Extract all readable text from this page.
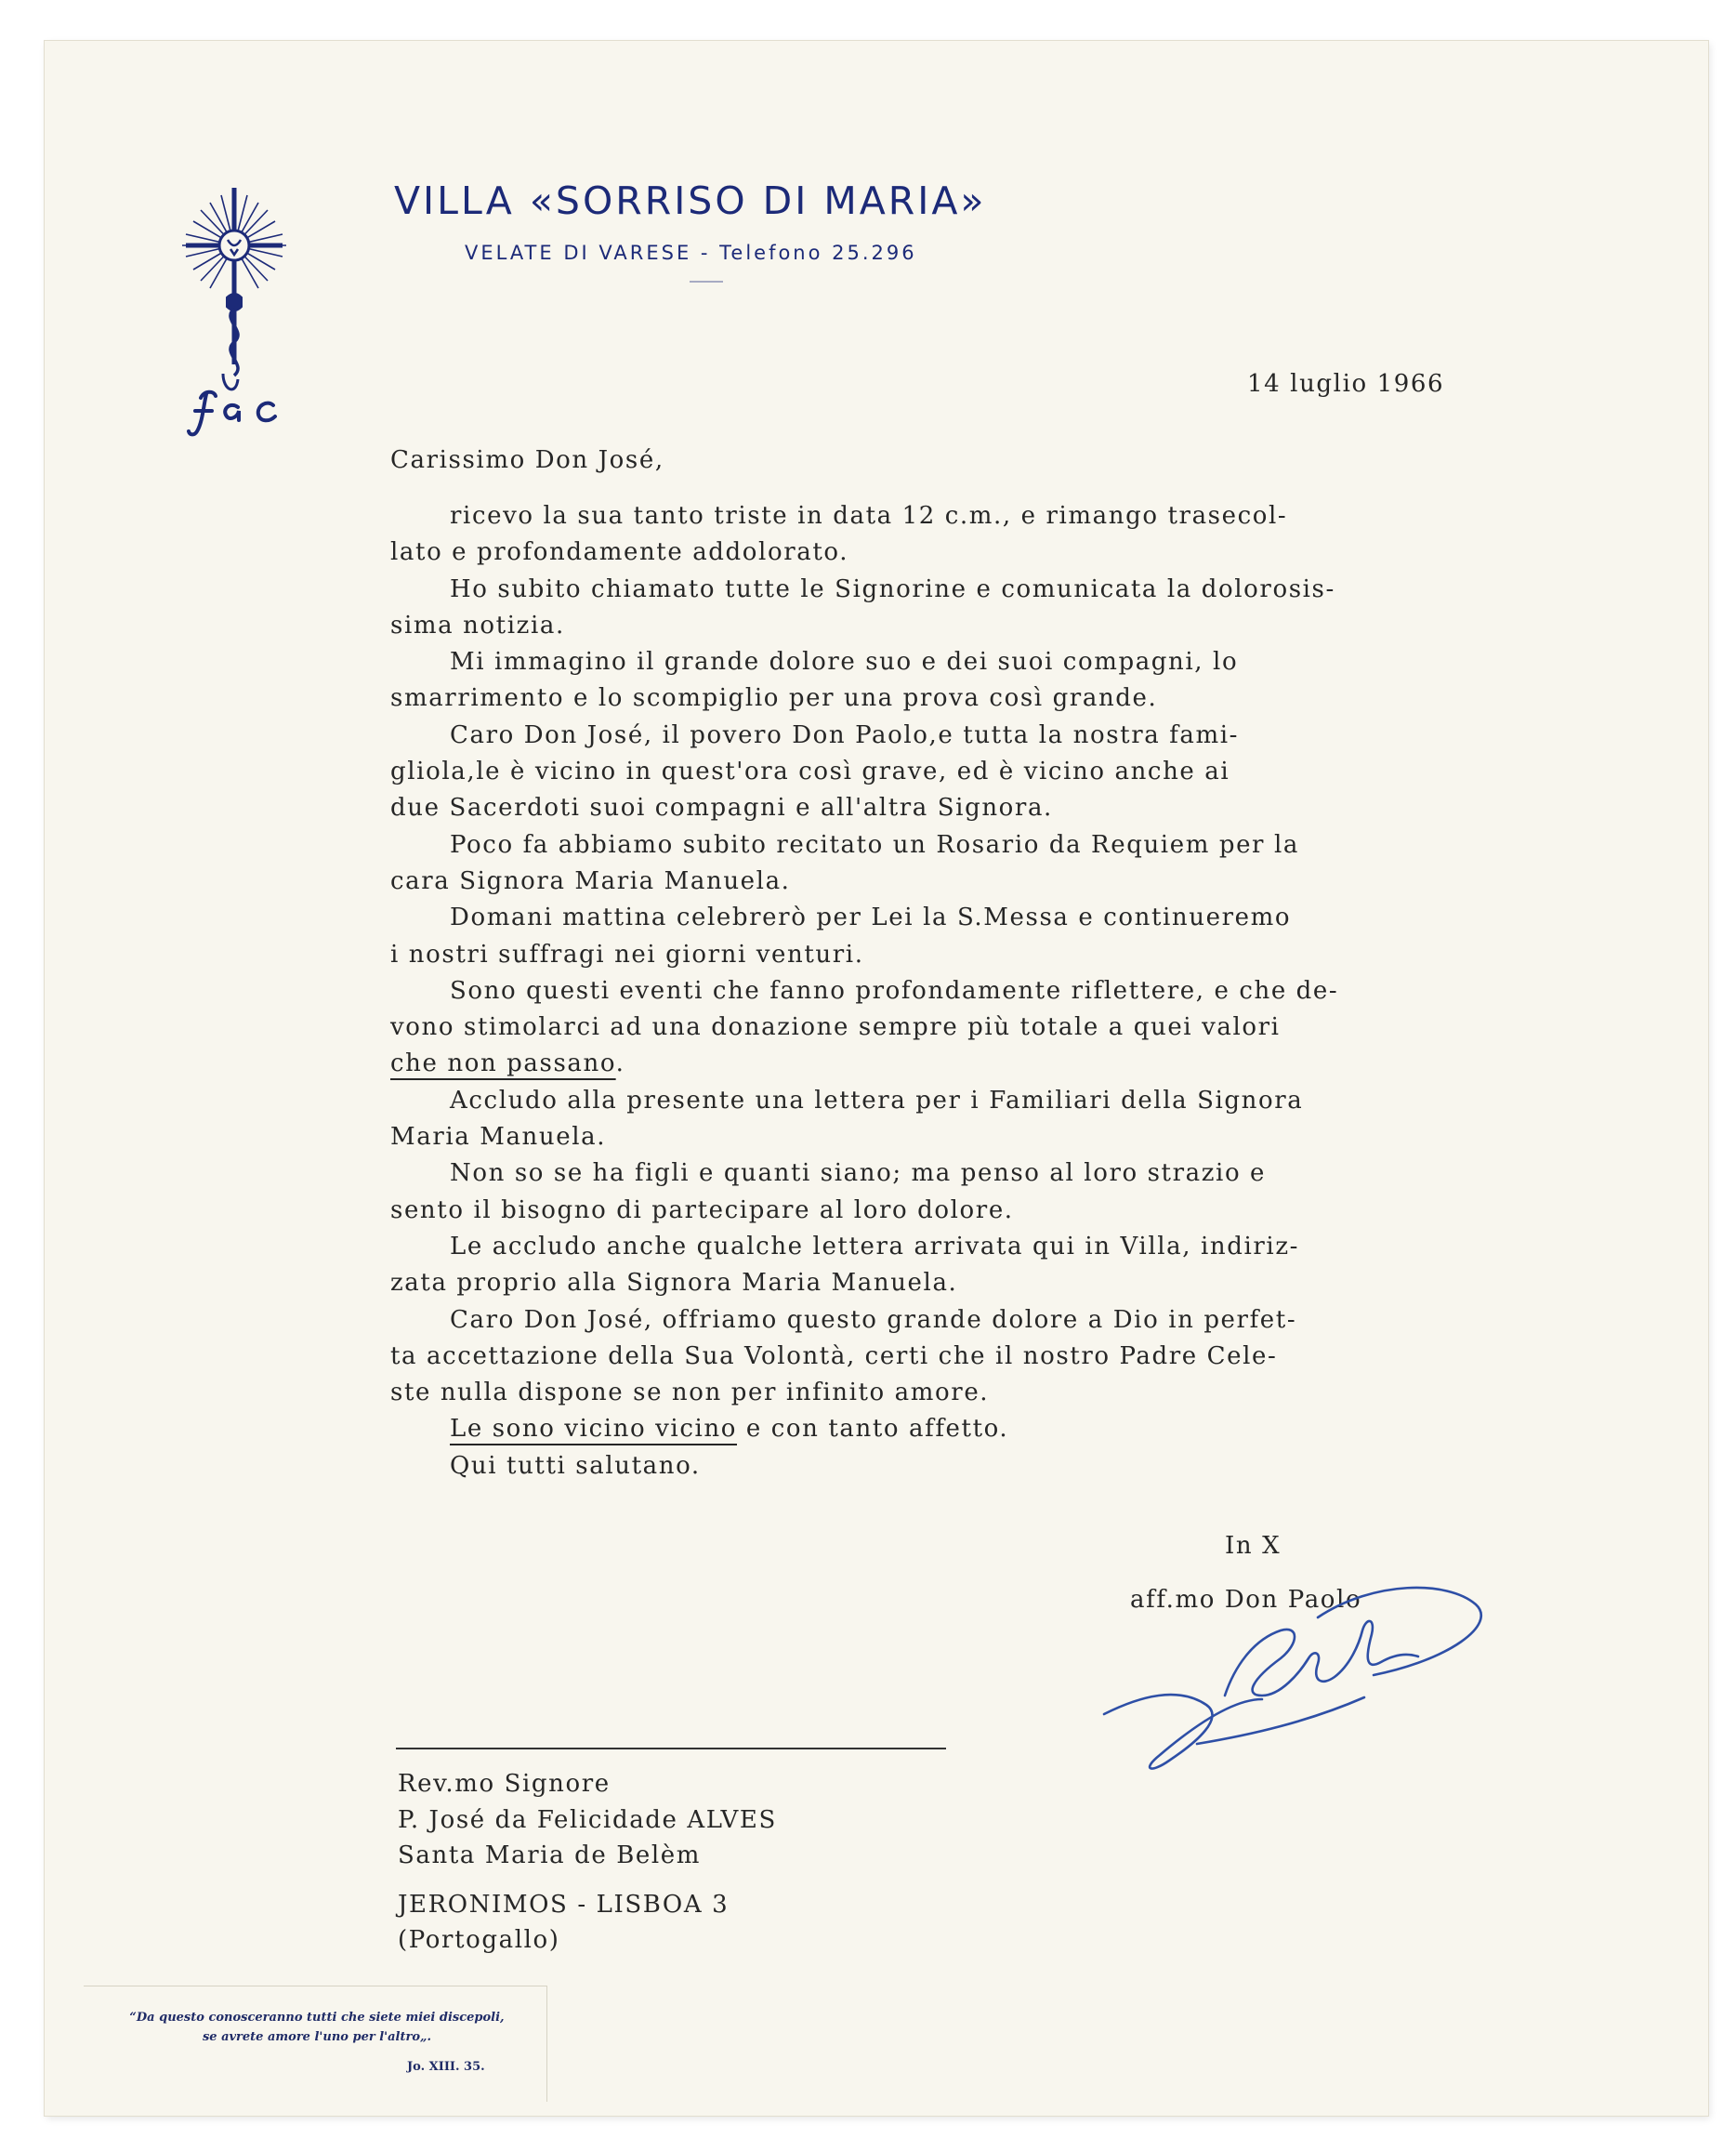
VILLA «SORRISO DI MARIA»
VELATE DI VARESE - Telefono 25.296
14 luglio 1966
Carissimo Don José,
ricevo la sua tanto triste in data 12 c.m., e rimango trasecol-
lato e profondamente addolorato.
Ho subito chiamato tutte le Signorine e comunicata la dolorosis-
sima notizia.
Mi immagino il grande dolore suo e dei suoi compagni, lo
smarrimento e lo scompiglio per una prova così grande.
Caro Don José, il povero Don Paolo,e tutta la nostra fami-
gliola,le è vicino in quest'ora così grave, ed è vicino anche ai
due Sacerdoti suoi compagni e all'altra Signora.
Poco fa abbiamo subito recitato un Rosario da Requiem per la
cara Signora Maria Manuela.
Domani mattina celebrerò per Lei la S.Messa e continueremo
i nostri suffragi nei giorni venturi.
Sono questi eventi che fanno profondamente riflettere, e che de-
vono stimolarci ad una donazione sempre più totale a quei valori
che non passano.
Accludo alla presente una lettera per i Familiari della Signora
Maria Manuela.
Non so se ha figli e quanti siano; ma penso al loro strazio e
sento il bisogno di partecipare al loro dolore.
Le accludo anche qualche lettera arrivata qui in Villa, indiriz-
zata proprio alla Signora Maria Manuela.
Caro Don José, offriamo questo grande dolore a Dio in perfet-
ta accettazione della Sua Volontà, certi che il nostro Padre Cele-
ste nulla dispone se non per infinito amore.
Le sono vicino vicino e con tanto affetto.
Qui tutti salutano.
In X
aff.mo Don Paolo
Rev.mo Signore
P. José da Felicidade ALVES
Santa Maria de Belèm
JERONIMOS - LISBOA 3
(Portogallo)
“Da questo conosceranno tutti che siete miei discepoli, se avrete amore l'uno per l'altro„.
Jo. XIII. 35.
